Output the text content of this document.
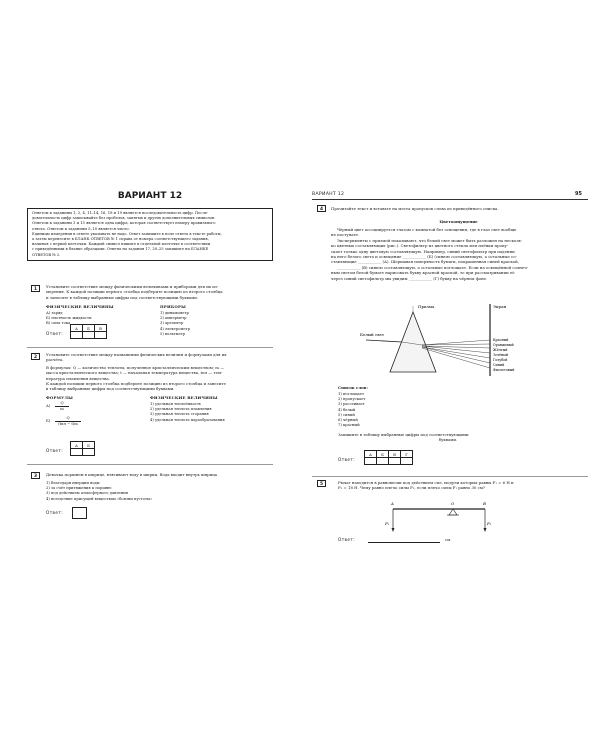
ВАРИАНТ 12
Ответом к заданиям 1, 2, 4, 11–14, 16, 18 и 19 является последовательность цифр. После-
довательность цифр записывайте без пробелов, запятых и других дополнительных символов.
Ответом к заданиям 3 и 15 является одна цифра, которая соответствует номеру правильного
ответа. Ответом к заданиям 5–10 является число.
Единицы измерения в ответе указывать не надо. Ответ запишите в поле ответа в тексте работы,
а затем перенесите в БЛАНК ОТВЕТОВ № 1 справа от номера соответствующего задания,
начиная с первой клеточки. Каждый символ пишите в отдельной клеточке в соответствии
с приведёнными в бланке образцами. Ответы на задания 17, 20–25 запишите на БЛАНКЕ
ОТВЕТОВ № 2.
1
Установите соответствие между физическими величинами и приборами для их из-
мерения. К каждой позиции первого столбца подберите позицию из второго столбца
и занесите в таблицу выбранные цифры под соответствующими буквами.
ФИЗИЧЕСКИЕ ВЕЛИЧИНЫ
А) заряд
Б) плотность жидкости
В) сила тока
ПРИБОРЫ
1) динамометр
2) амперметр
3) ареометр
4) электрометр
5) вольтметр
Ответ:
А	Б	В

2
Установите соответствие между названиями физических величин и формулами для их
расчёта.
В формулах: Q — количество теплоты, полученное кристаллическим веществом; m —
масса кристаллического вещества; t — начальная температура вещества, tпл — тем-
пература плавления вещества.
К каждой позиции первого столбца подберите позицию из второго столбца и занесите
в таблицу выбранные цифры под соответствующими буквами.
ФОРМУЛЫ
$А) \frac{Q}{m}$
Б)
Q
(tпл − t)m
ФИЗИЧЕСКИЕ ВЕЛИЧИНЫ
1) удельная теплоёмкость
2) удельная теплота плавления
3) удельная теплота сгорания
4) удельная теплота парообразования
Ответ:
А	Б

3	Девочка поршнем в шприце, втягивают воду в шприц. Вода входит внутрь шприца
1) благодаря инерции воды
2) за счёт притяжения к поршню
3) под действием атмосферного давления
4) вследствие присущей веществам «боязни пустоты»
Ответ:
ВАРИАНТ 12	95
4	Прочитайте текст и вставьте на места пропусков слова из приведённого списка.
Цветоощущение
Чёрный цвет ассоциируется глазом с комнатой без освещения, где в глаз свет вообще
не поступает.
Эксперименты с призмой показывают, что белый свет может быть разложен на несколь-
ко цветных составляющих (рис.). Светофильтр из цветного стекла или плёнки пропу-
скает только одну цветовую составляющую. Например, синий светофильтр при падении
на него белого света и освещение ____________ (Б) (синюю составляющую, а остальные со-
ставляющие ____________ (А). Шершавая поверхность бумаги, покрашенная синей краской,
____________ (В) синюю составляющую, а остальные поглощает. Если на освещённой солнеч-
ным светом белой бумаге нарисовать букву красной краской, то при рассматривании её
через синий светофильтр мы увидим ____________ (Г) букву на чёрном фоне.
Призма	Экран
Белый свет
Красный
Оранжевый
Жёлтый
Зелёный
Голубой
Синий
Фиолетовый
Список слов:
1) поглощает
2) пропускает
3) рассеивает
4) белый
5) синий
6) чёрный
7) красный
Запишите в таблицу выбранные цифры под соответствующими
буквами.
Ответ:
А	Б	В	Г

5	Рычаг находится в равновесии под действием сил, модули которых равны F₁ = 6 Н и
F₂ = 18 Н. Чему равно плечо силы F₂, если плечо силы F₁ равно 30 см?
A	O	B
F₁	F₂
Ответ:	см.
